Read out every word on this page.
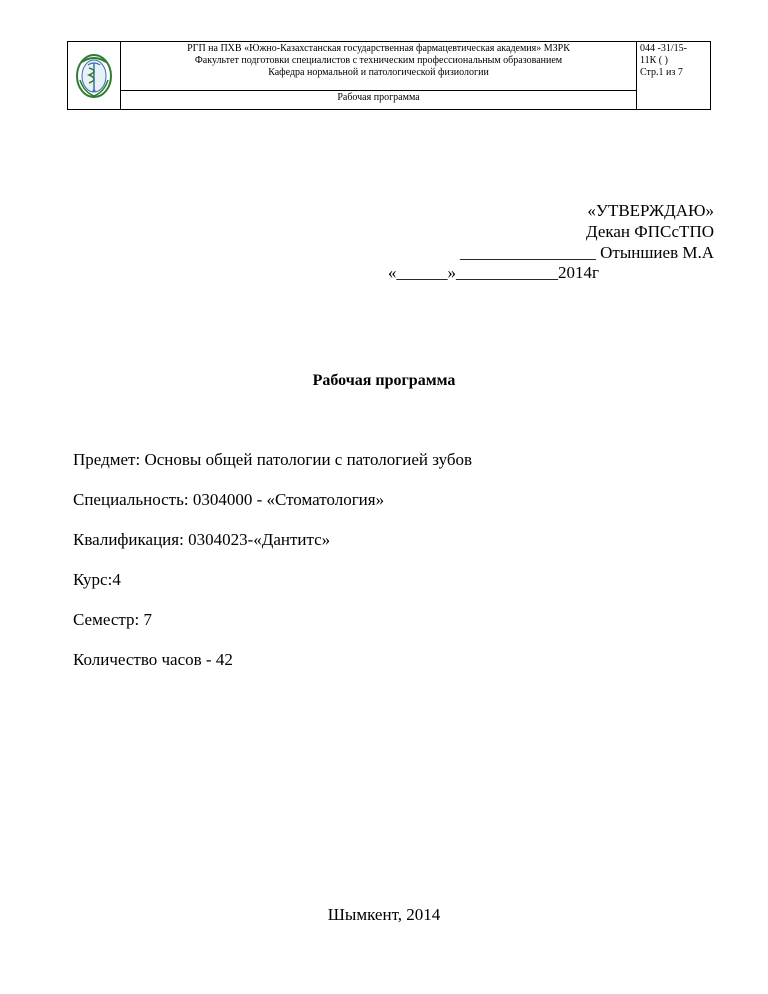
РГП на ПХВ «Южно-Казахстанская государственная фармацевтическая академия» МЗРК
Факультет подготовки специалистов с техническим профессиональным образованием
Кафедра нормальной и патологической физиологии
Рабочая программа

044 -31/15-
11К ( )
Стр.1 из 7
«УТВЕРЖДАЮ»
Декан ФПСсТПО
________________ Отыншиев М.А
«______»____________2014г
Рабочая программа

Предмет: Основы общей патологии с патологией зубов

Специальность: 0304000 - «Стоматология»

Квалификация: 0304023-«Дантитс»

Курс:4

Семестр: 7

Количество часов - 42

Шымкент, 2014
